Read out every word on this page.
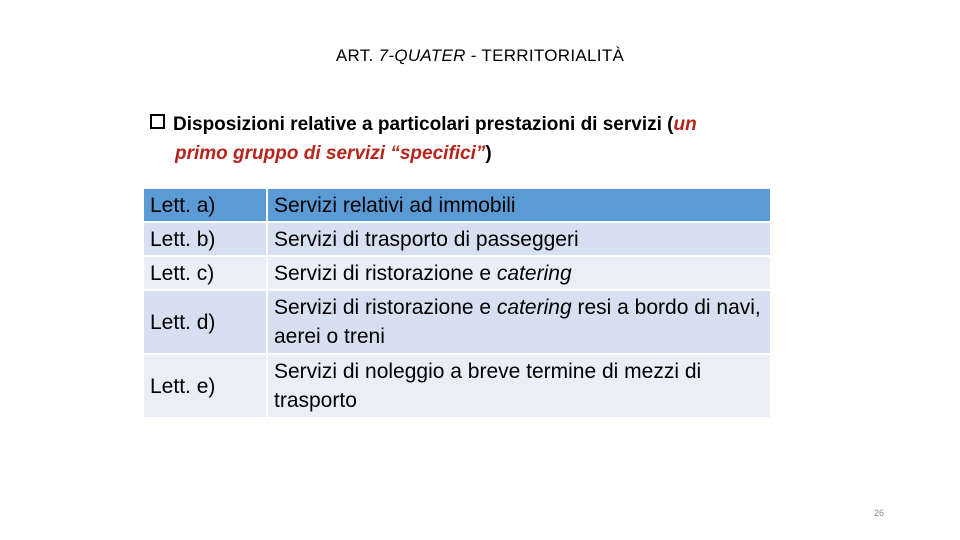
ART. 7-QUATER - TERRITORIALITÀ
Disposizioni relative a particolari prestazioni di servizi (un
primo gruppo di servizi “specifici”)
Lett. a)	Servizi relativi ad immobili
Lett. b)	Servizi di trasporto di passeggeri
Lett. c)	Servizi di ristorazione e catering
Lett. d)	Servizi di ristorazione e catering resi a bordo di navi, aerei o treni
Lett. e)	Servizi di noleggio a breve termine di mezzi di trasporto
26
